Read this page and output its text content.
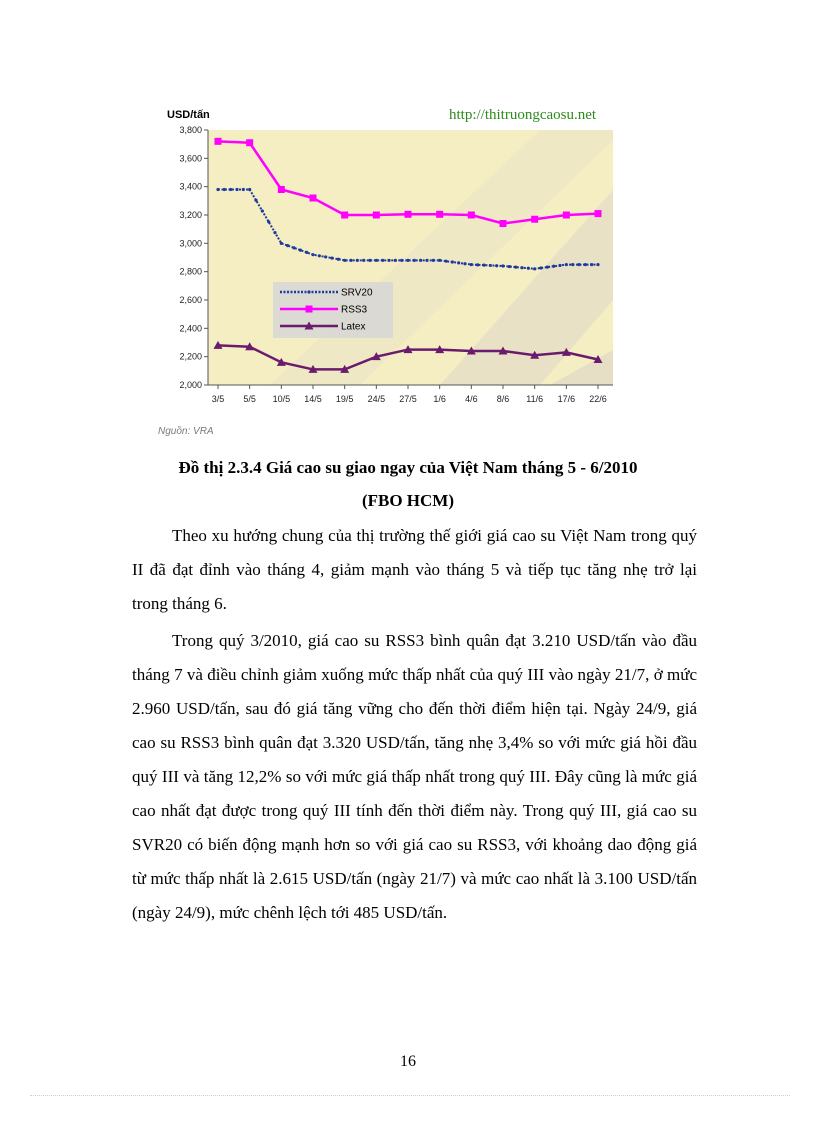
2,000
2,200
2,400
2,600
2,800
3,000
3,200
3,400
3,600
3,800
3/5 5/5 10/5 14/5 19/5 24/5 27/5 1/6 4/6 8/6 11/6 17/6 22/6
SRV20
RSS3
Latex
USD/tấn	http://thitruongcaosu.net
Nguồn: VRA
Đồ thị 2.3.4 Giá cao su giao ngay của Việt Nam tháng 5 - 6/2010
(FBO HCM)

Theo xu hướng chung của thị trường thế giới giá cao su Việt Nam trong quý II đã đạt đỉnh vào tháng 4, giảm mạnh vào tháng 5 và tiếp tục tăng nhẹ trở lại trong tháng 6.

Trong quý 3/2010, giá cao su RSS3 bình quân đạt 3.210 USD/tấn vào đầu tháng 7 và điều chỉnh giảm xuống mức thấp nhất của quý III vào ngày 21/7, ở mức 2.960 USD/tấn, sau đó giá tăng vững cho đến thời điểm hiện tại. Ngày 24/9, giá cao su RSS3 bình quân đạt 3.320 USD/tấn, tăng nhẹ 3,4% so với mức giá hồi đầu quý III và tăng 12,2% so với mức giá thấp nhất trong quý III. Đây cũng là mức giá cao nhất đạt được trong quý III tính đến thời điểm này. Trong quý III, giá cao su SVR20 có biến động mạnh hơn so với giá cao su RSS3, với khoảng dao động giá từ mức thấp nhất là 2.615 USD/tấn (ngày 21/7) và mức cao nhất là 3.100 USD/tấn (ngày 24/9), mức chênh lệch tới 485 USD/tấn.

16
